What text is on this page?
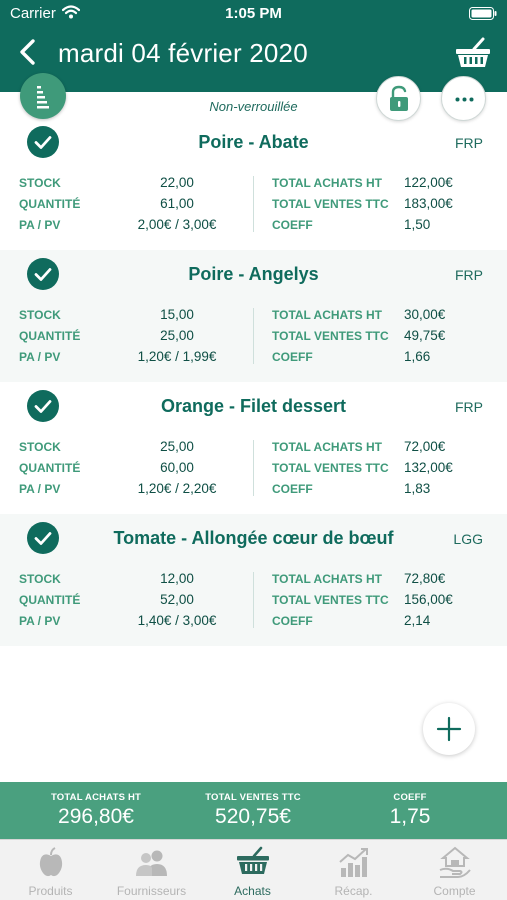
Carrier	1:05 PM
mardi 04 février 2020
Non-verrouillée
Poire - Abate	FRP
STOCK	22,00
QUANTITÉ	61,00
PA / PV	2,00€ / 3,00€
TOTAL ACHATS HT 122,00€
TOTAL VENTES TTC 183,00€
COEFF	1,50
Poire - Angelys	FRP
STOCK	15,00
QUANTITÉ	25,00
PA / PV	1,20€ / 1,99€
TOTAL ACHATS HT 30,00€
TOTAL VENTES TTC 49,75€
COEFF	1,66
Orange - Filet dessert	FRP
STOCK	25,00
QUANTITÉ	60,00
PA / PV	1,20€ / 2,20€
TOTAL ACHATS HT 72,00€
TOTAL VENTES TTC 132,00€
COEFF	1,83
Tomate - Allongée cœur de bœuf	LGG
STOCK	12,00
QUANTITÉ	52,00
PA / PV	1,40€ / 3,00€
TOTAL ACHATS HT 72,80€
TOTAL VENTES TTC 156,00€
COEFF	2,14
TOTAL ACHATS HT
296,80€
TOTAL VENTES TTC
520,75€
COEFF
1,75
Produits	Fournisseurs	Achats	Récap.	Compte
